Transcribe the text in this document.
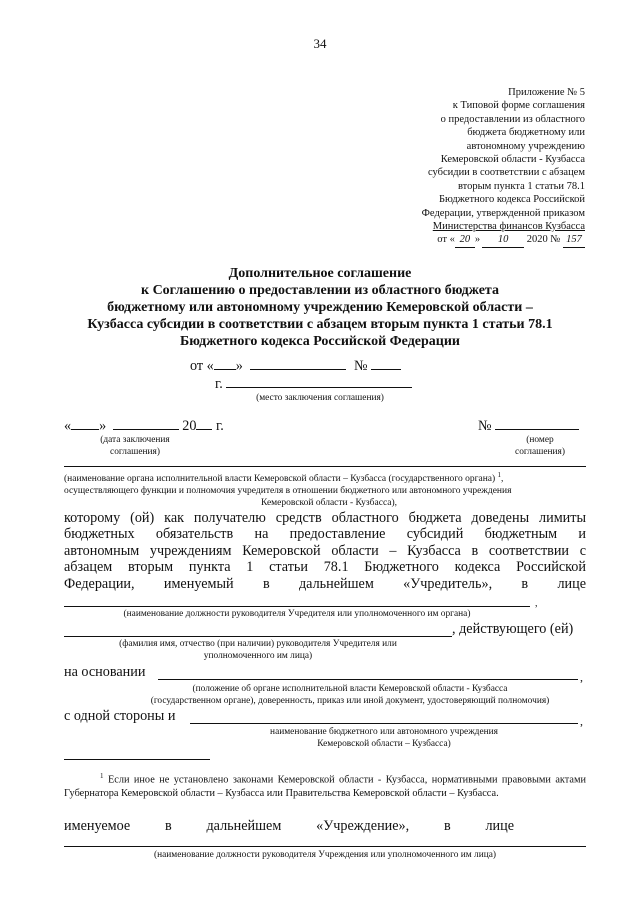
34
Приложение № 5
к Типовой форме соглашения
о предоставлении из областного
бюджета бюджетному или
автономному учреждению
Кемеровской области - Кузбасса
субсидии в соответствии с абзацем
вторым пункта 1 статьи 78.1
Бюджетного кодекса Российской
Федерации, утвержденной приказом
Министерства финансов Кузбасса
от « 20 » 10 2020 № 157
Дополнительное соглашение
к Соглашению о предоставлении из областного бюджета
бюджетному или автономному учреждению Кемеровской области –
Кузбасса субсидии в соответствии с абзацем вторым пункта 1 статьи 78.1
Бюджетного кодекса Российской Федерации
от « »	№
г.
(место заключения соглашения)
« »	20 г.	№
(дата заключения
соглашения)
(номер
соглашения)
(наименование органа исполнительной власти Кемеровской области – Кузбасса (государственного органа) $^1$,
осуществляющего функции и полномочия учредителя в отношении бюджетного или автономного учреждения
Кемеровской области - Кузбасса),
которому (ой) как получателю средств областного бюджета доведены лимиты
бюджетных обязательств на предоставление субсидий бюджетным и
автономным учреждениям Кемеровской области – Кузбасса в соответствии с
абзацем вторым пункта 1 статьи 78.1 Бюджетного кодекса Российской
Федерации, именуемый в дальнейшем «Учредитель», в лице
,
(наименование должности руководителя Учредителя или уполномоченного им органа)
, действующего (ей)
(фамилия имя, отчество (при наличии) руководителя Учредителя или
уполномоченного им лица)
на основании	,
(положение об органе исполнительной власти Кемеровской области - Кузбасса
(государственном органе), доверенность, приказ или иной документ, удостоверяющий полномочия)
с одной стороны и	,
наименование бюджетного или автономного учреждения
Кемеровской области – Кузбасса)
$^1$ Если иное не установлено законами Кемеровской области - Кузбасса, нормативными правовыми актами Губернатора Кемеровской области – Кузбасса или Правительства Кемеровской области – Кузбасса.
именуемое в дальнейшем «Учреждение», в лице
(наименование должности руководителя Учреждения или уполномоченного им лица)
